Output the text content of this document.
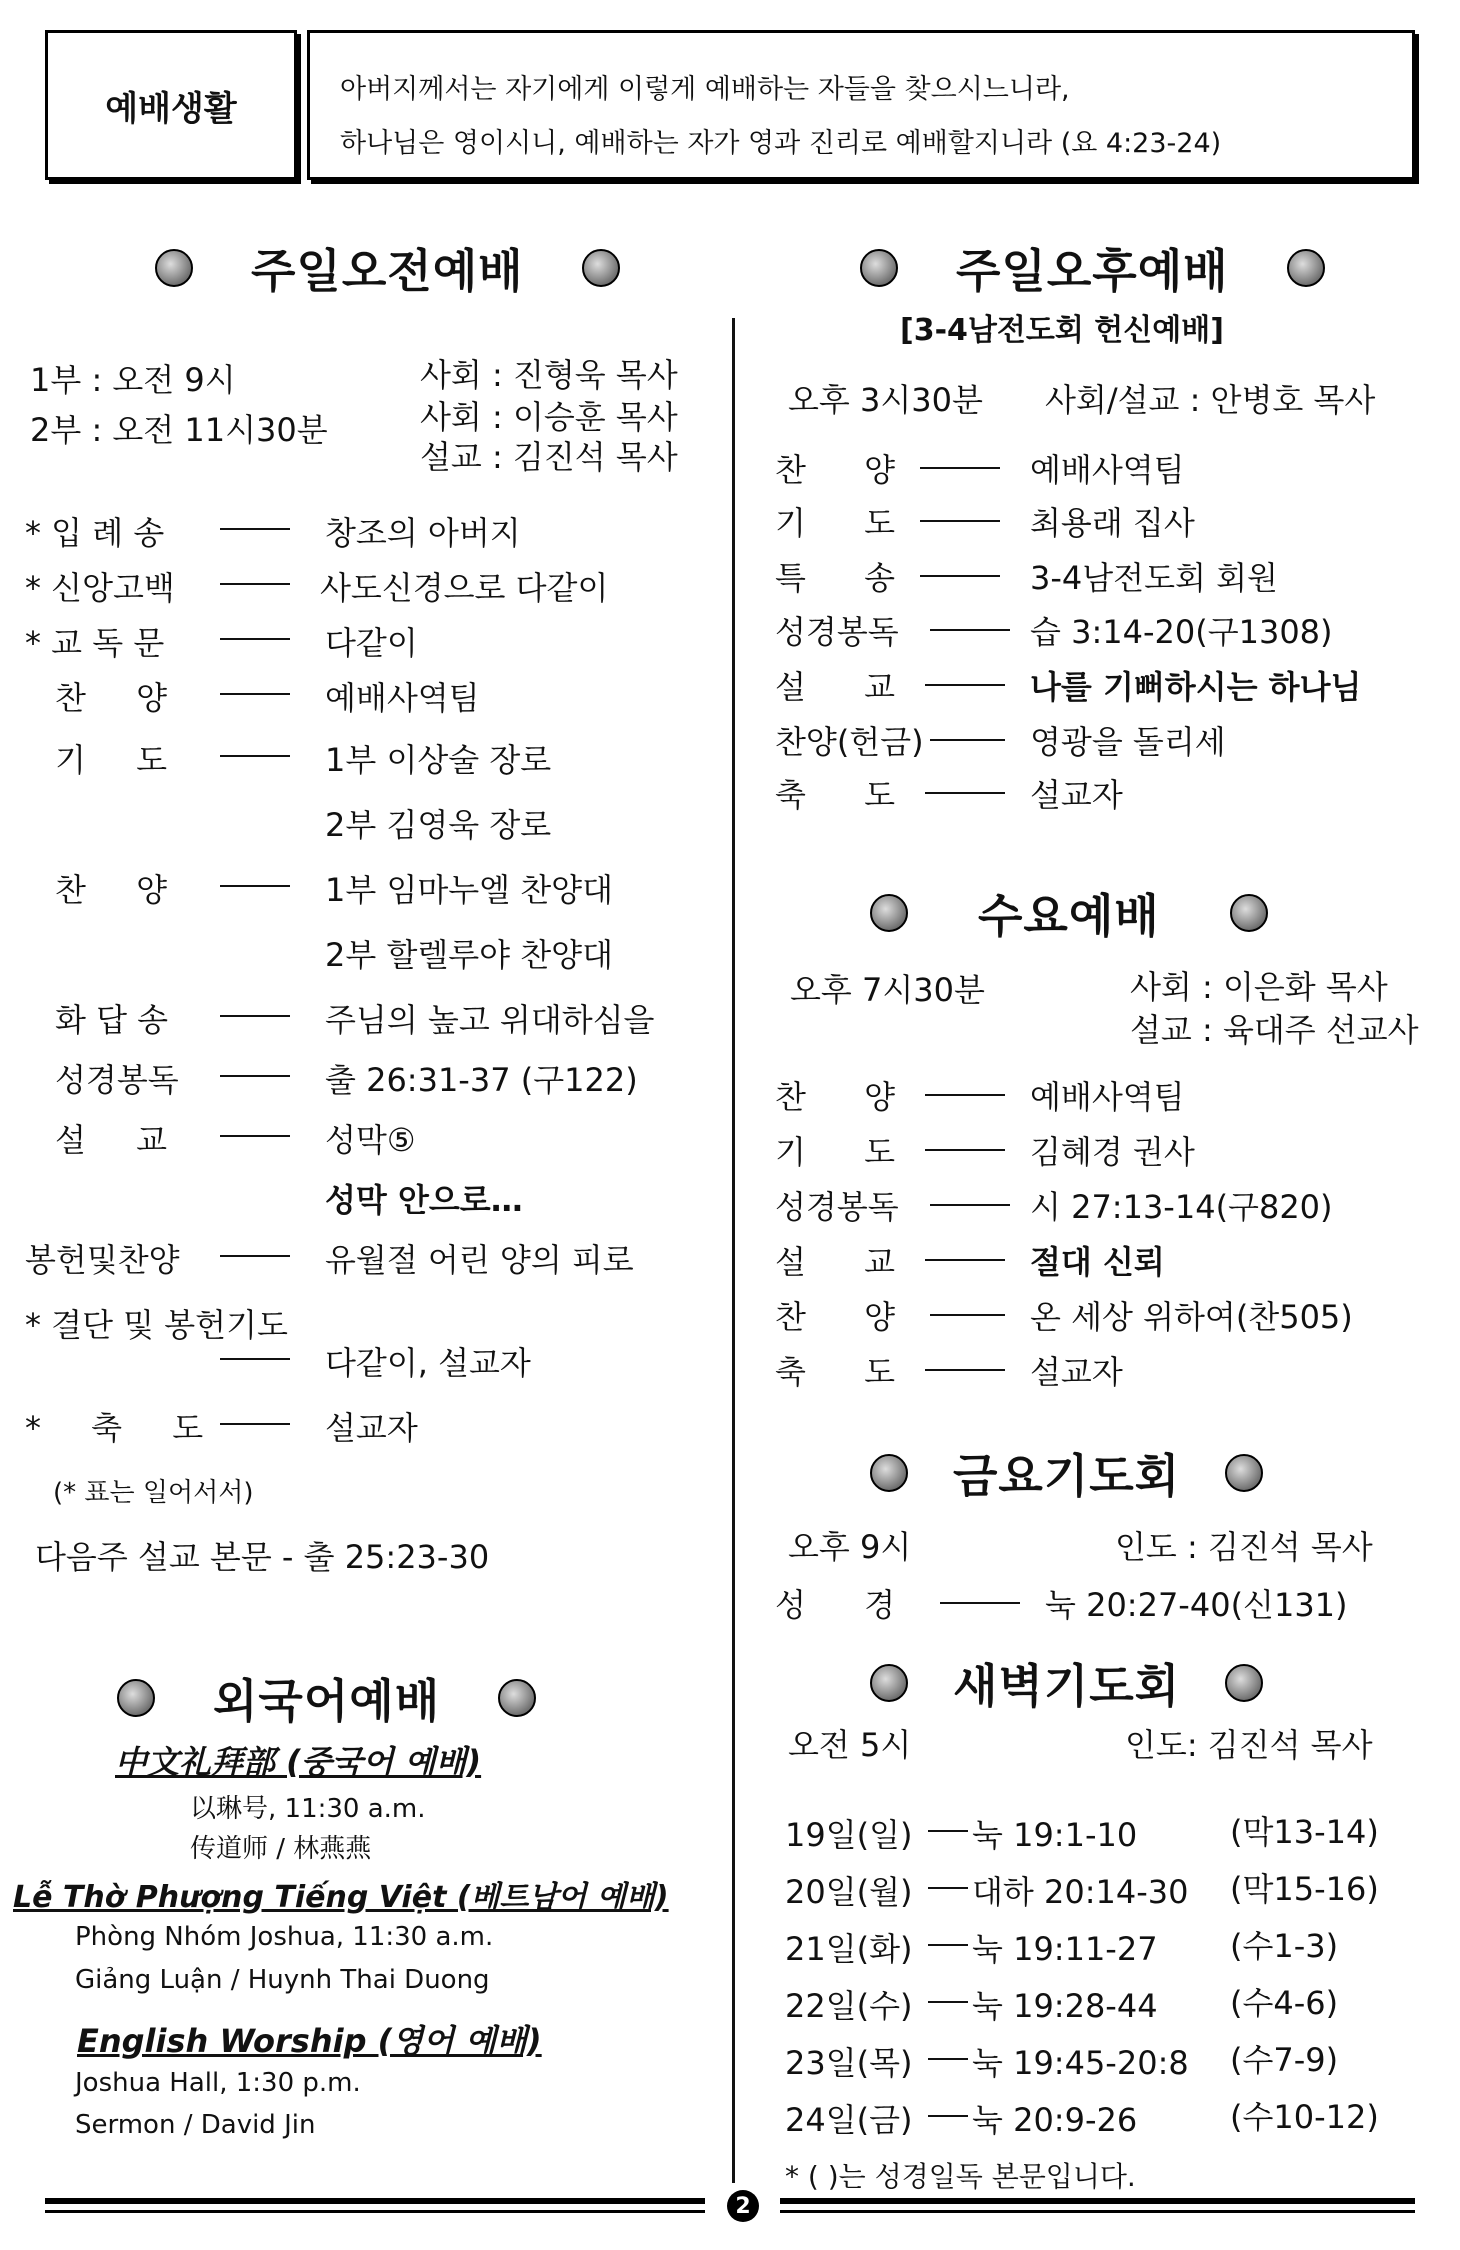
예배생활	아버지께서는 자기에게 이렇게 예배하는 자들을 찾으시느니라,
하나님은 영이시니, 예배하는 자가 영과 진리로 예배할지니라 (요 4:23-24)
주일오전예배
1부 : 오전 9시
2부 : 오전 11시30분
사회 : 진형욱 목사
사회 : 이승훈 목사
설교 : 김진석 목사
* 입 례 송	창조의 아버지
* 신앙고백	사도신경으로 다같이
* 교 독 문	다같이
찬 양	예배사역팀
기 도	1부 이상술 장로
2부 김영욱 장로
찬 양	1부 임마누엘 찬양대
2부 할렐루야 찬양대
화 답 송	주님의 높고 위대하심을
성경봉독	출 26:31-37 (구122)
설 교	성막⑤
성막 안으로…
봉헌및찬양	유월절 어린 양의 피로
* 결단 및 봉헌기도
다같이, 설교자
* 축 도	설교자
(* 표는 일어서서)
다음주 설교 본문 - 출 25:23-30
외국어예배
中文礼拜部 (중국어 예배)
以琳号, 11:30 a.m.
传道师 / 林燕燕
Lễ Thờ Phượng Tiếng Việt (베트남어 예배)
Phòng Nhóm Joshua, 11:30 a.m.
Giảng Luận / Huynh Thai Duong
English Worship (영어 예배)
Joshua Hall, 1:30 p.m.
Sermon / David Jin
주일오후예배
[3-4남전도회 헌신예배]
오후 3시30분 사회/설교 : 안병호 목사
찬 양	예배사역팀
기 도	최용래 집사
특 송	3-4남전도회 회원
성경봉독	습 3:14-20(구1308)
설 교	나를 기뻐하시는 하나님
찬양(헌금)	영광을 돌리세
축 도	설교자
수요예배
오후 7시30분	사회 : 이은화 목사
설교 : 육대주 선교사
찬 양	예배사역팀
기 도	김혜경 권사
성경봉독	시 27:13-14(구820)
설 교	절대 신뢰
찬 양	온 세상 위하여(찬505)
축 도	설교자
금요기도회
오후 9시	인도 : 김진석 목사
성 경	눅 20:27-40(신131)
새벽기도회
오전 5시	인도: 김진석 목사
19일(일) 눅 19:1-10	(막13-14)
20일(월) 대하 20:14-30 (막15-16)
21일(화) 눅 19:11-27 (수1-3)
22일(수) 눅 19:28-44 (수4-6)
23일(목) 눅 19:45-20:8 (수7-9)
24일(금) 눅 20:9-26	(수10-12)
* ( )는 성경일독 본문입니다.
2
